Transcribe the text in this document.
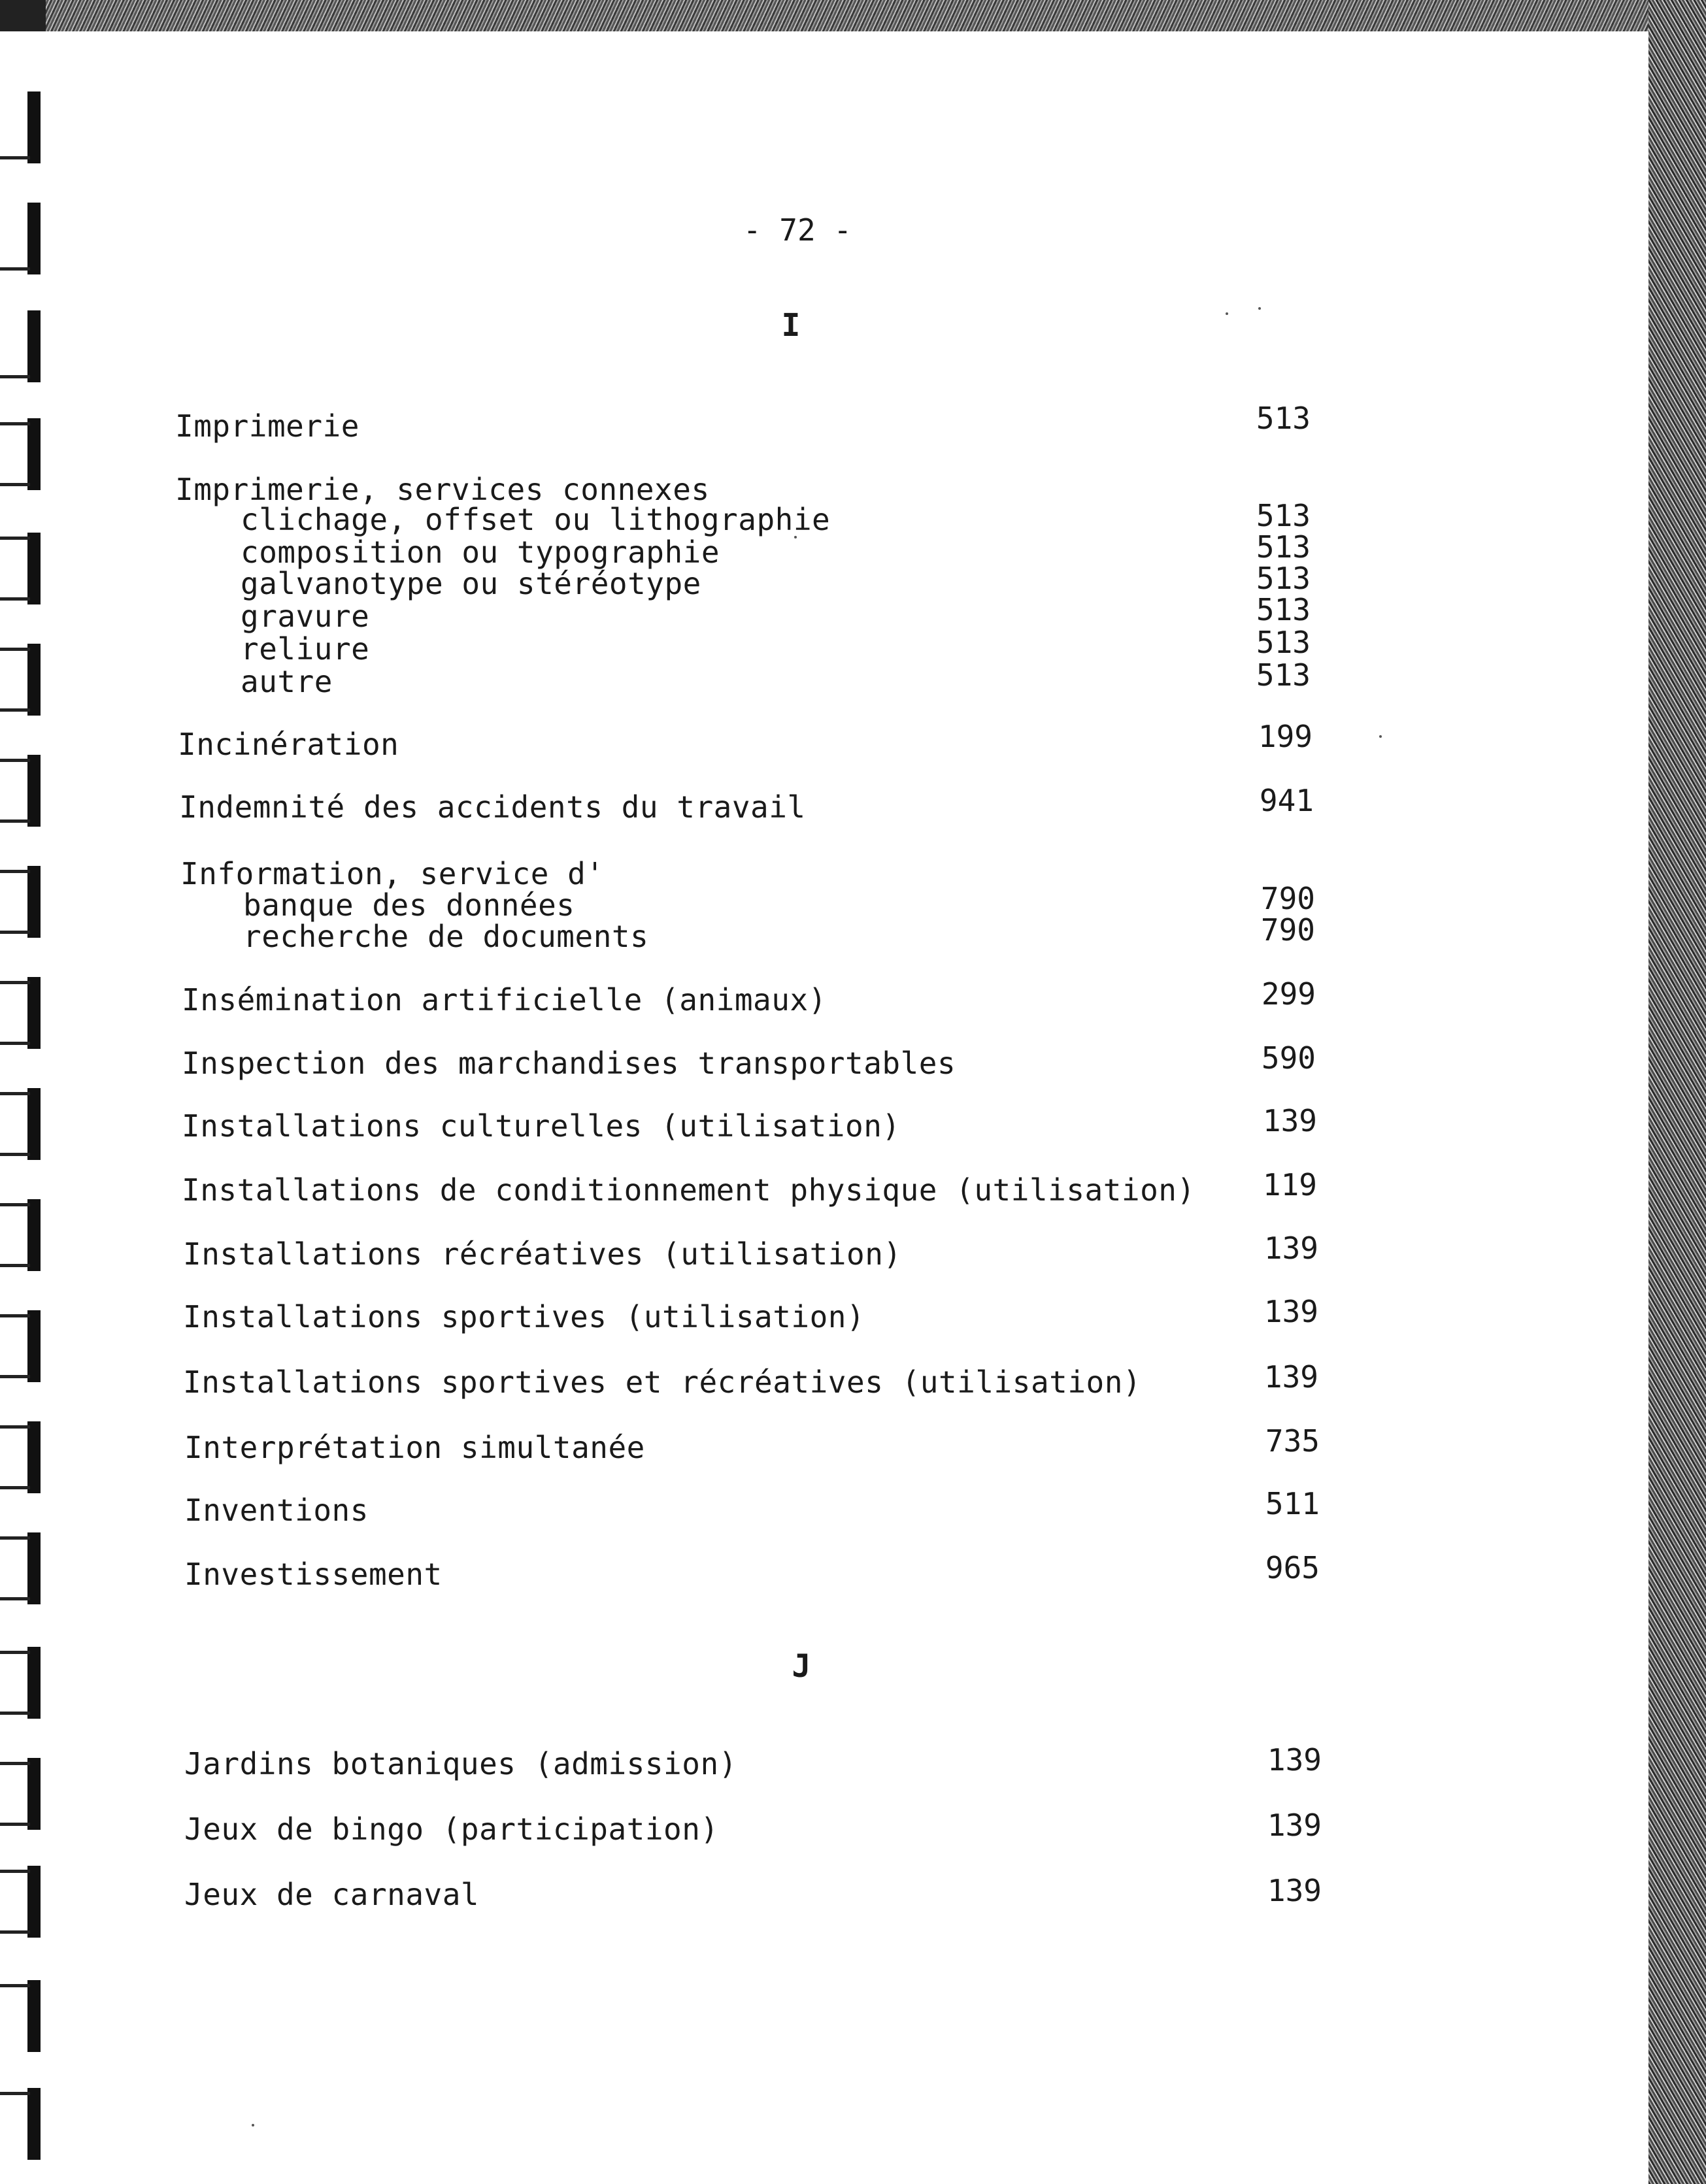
- 72 -
I
Imprimerie	513
Imprimerie, services connexes
clichage, offset ou lithographie	513
composition ou typographie	513
galvanotype ou stéréotype	513
gravure	513
reliure	513
autre	513
Incinération	199
Indemnité des accidents du travail	941
Information, service d'
banque des données	790
recherche de documents	790
Insémination artificielle (animaux)	299
Inspection des marchandises transportables	590
Installations culturelles (utilisation)	139
Installations de conditionnement physique (utilisation)	119
Installations récréatives (utilisation)	139
Installations sportives (utilisation)	139
Installations sportives et récréatives (utilisation)	139
Interprétation simultanée	735
Inventions	511
Investissement	965
J
Jardins botaniques (admission)	139
Jeux de bingo (participation)	139
Jeux de carnaval	139
